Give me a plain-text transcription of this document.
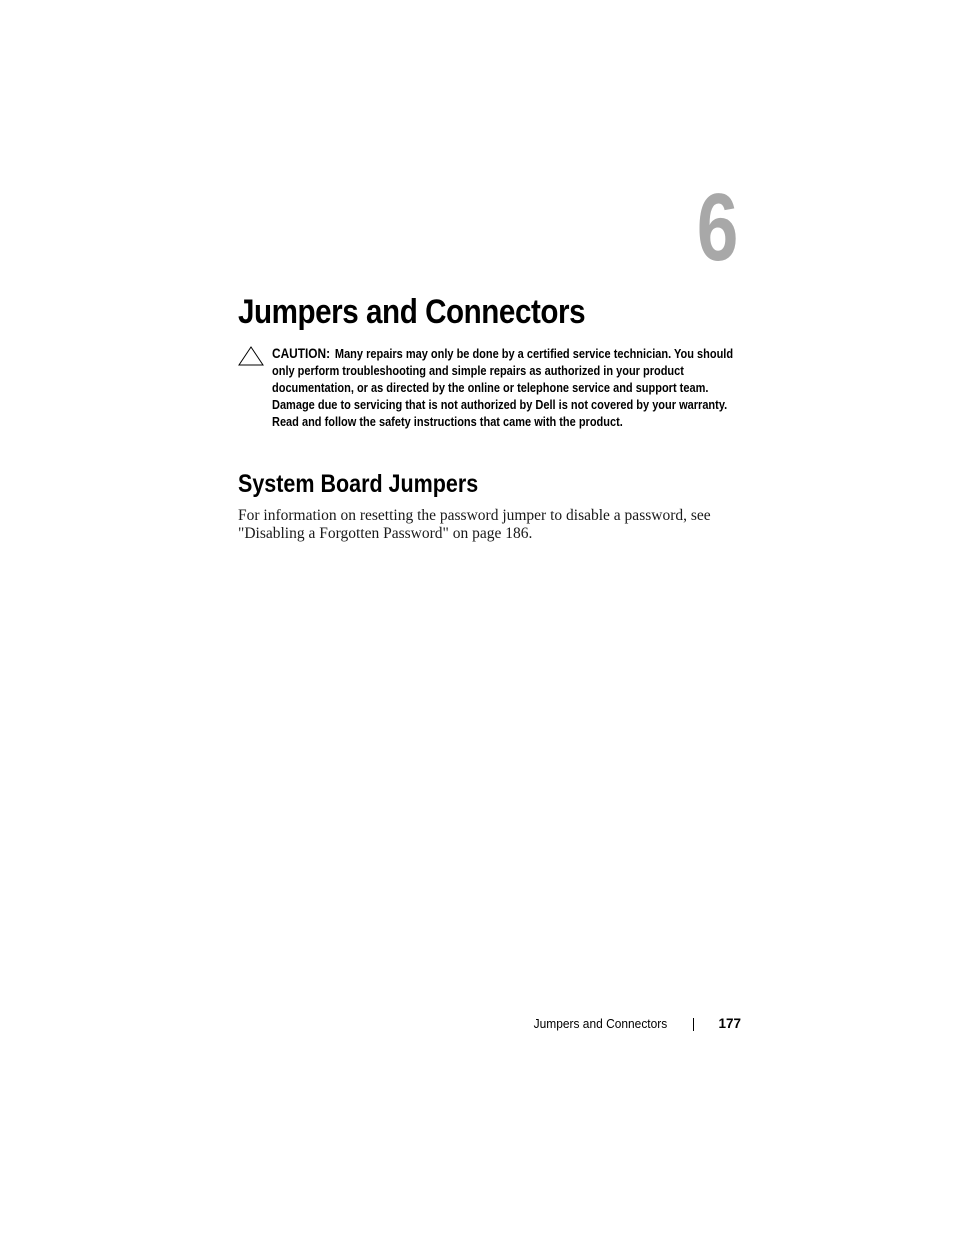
6
Jumpers and Connectors
CAUTION: Many repairs may only be done by a certified service technician. You should only perform troubleshooting and simple repairs as authorized in your product documentation, or as directed by the online or telephone service and support team. Damage due to servicing that is not authorized by Dell is not covered by your warranty. Read and follow the safety instructions that came with the product.
System Board Jumpers

For information on resetting the password jumper to disable a password, see "Disabling a Forgotten Password" on page 186.

Jumpers and Connectors	177
